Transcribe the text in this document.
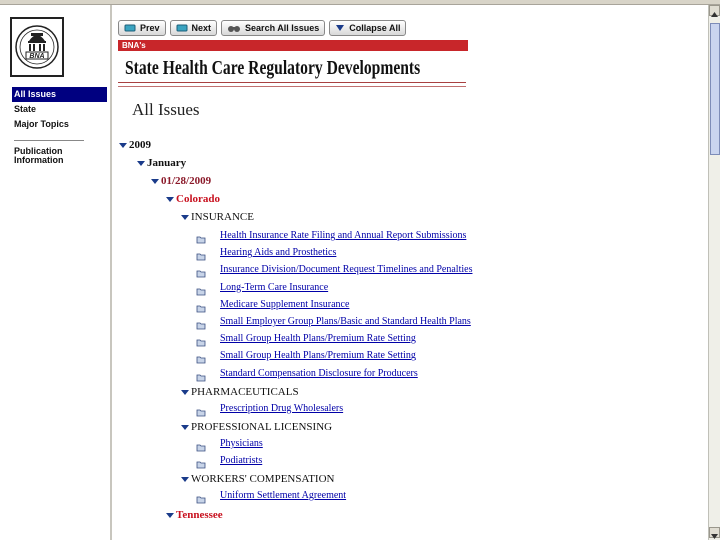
BNA
All Issues
State
Major Topics
Publication
Information
Prev	Next	Search All Issues	Collapse All
BNA's
State Health Care Regulatory Developments
All Issues
2009
January
01/28/2009
Colorado
INSURANCE
Health Insurance Rate Filing and Annual Report Submissions
Hearing Aids and Prosthetics
Insurance Division/Document Request Timelines and Penalties
Long-Term Care Insurance
Medicare Supplement Insurance
Small Employer Group Plans/Basic and Standard Health Plans
Small Group Health Plans/Premium Rate Setting
Small Group Health Plans/Premium Rate Setting
Standard Compensation Disclosure for Producers
PHARMACEUTICALS
Prescription Drug Wholesalers
PROFESSIONAL LICENSING
Physicians
Podiatrists
WORKERS' COMPENSATION
Uniform Settlement Agreement
Tennessee
